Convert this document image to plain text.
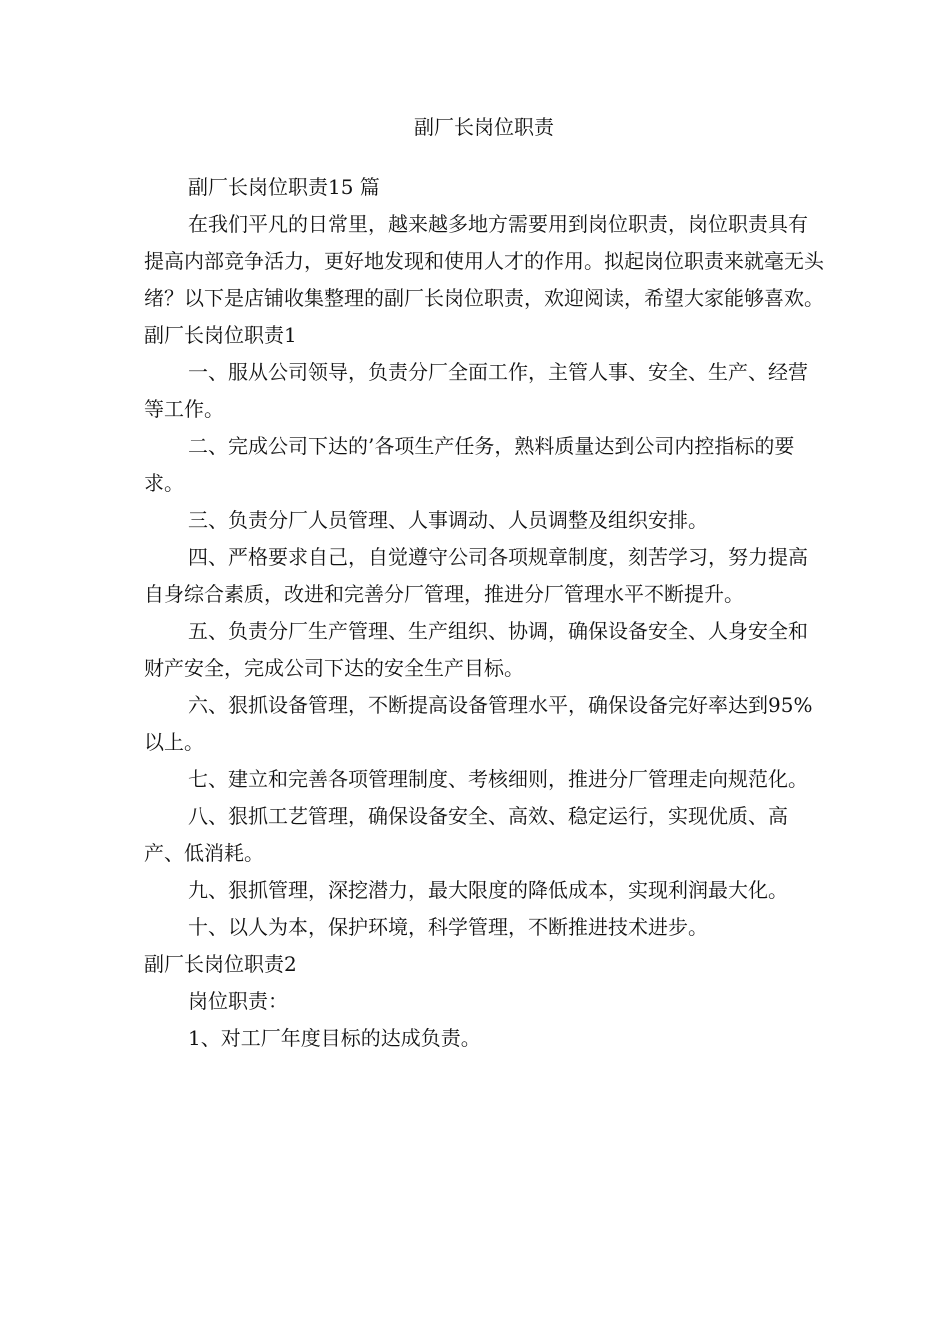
副厂长岗位职责

副厂长岗位职责15 篇

在我们平凡的日常里，越来越多地方需要用到岗位职责，岗位职责具有提高内部竞争活力，更好地发现和使用人才的作用。拟起岗位职责来就毫无头绪？以下是店铺收集整理的副厂长岗位职责，欢迎阅读，希望大家能够喜欢。

副厂长岗位职责1

一、服从公司领导，负责分厂全面工作，主管人事、安全、生产、经营等工作。

二、完成公司下达的’各项生产任务，熟料质量达到公司内控指标的要求。

三、负责分厂人员管理、人事调动、人员调整及组织安排。

四、严格要求自己，自觉遵守公司各项规章制度，刻苦学习，努力提高自身综合素质，改进和完善分厂管理，推进分厂管理水平不断提升。

五、负责分厂生产管理、生产组织、协调，确保设备安全、人身安全和财产安全，完成公司下达的安全生产目标。

六、狠抓设备管理，不断提高设备管理水平，确保设备完好率达到95% 以上。

七、建立和完善各项管理制度、考核细则，推进分厂管理走向规范化。

八、狠抓工艺管理，确保设备安全、高效、稳定运行，实现优质、高产、低消耗。

九、狠抓管理，深挖潜力，最大限度的降低成本，实现利润最大化。

十、以人为本，保护环境，科学管理，不断推进技术进步。

副厂长岗位职责2

岗位职责：

1、对工厂年度目标的达成负责。
